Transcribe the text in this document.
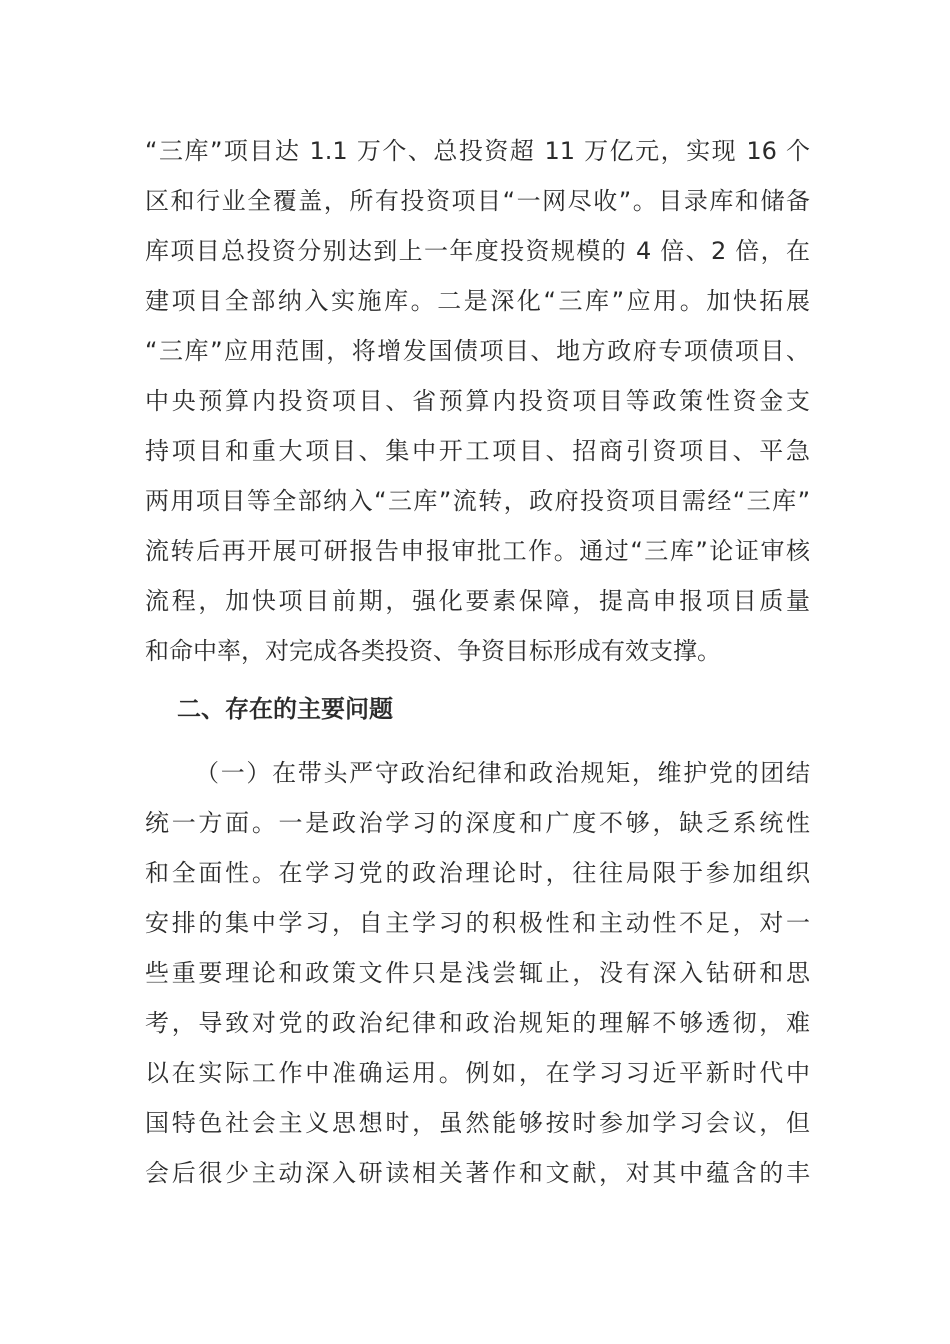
“三库”项目达 1.1 万个、总投资超 11 万亿元，实现 16 个

区和行业全覆盖，所有投资项目“一网尽收”。目录库和储备

库项目总投资分别达到上一年度投资规模的 4 倍、2 倍，在

建项目全部纳入实施库。二是深化“三库”应用。加快拓展

“三库”应用范围，将增发国债项目、地方政府专项债项目、

中央预算内投资项目、省预算内投资项目等政策性资金支

持项目和重大项目、集中开工项目、招商引资项目、平急

两用项目等全部纳入“三库”流转，政府投资项目需经“三库”

流转后再开展可研报告申报审批工作。通过“三库”论证审核

流程，加快项目前期，强化要素保障，提高申报项目质量

和命中率，对完成各类投资、争资目标形成有效支撑。

二、存在的主要问题

（一）在带头严守政治纪律和政治规矩，维护党的团结

统一方面。一是政治学习的深度和广度不够，缺乏系统性

和全面性。在学习党的政治理论时，往往局限于参加组织

安排的集中学习，自主学习的积极性和主动性不足，对一

些重要理论和政策文件只是浅尝辄止，没有深入钻研和思

考，导致对党的政治纪律和政治规矩的理解不够透彻，难

以在实际工作中准确运用。例如，在学习习近平新时代中

国特色社会主义思想时，虽然能够按时参加学习会议，但

会后很少主动深入研读相关著作和文献，对其中蕴含的丰
